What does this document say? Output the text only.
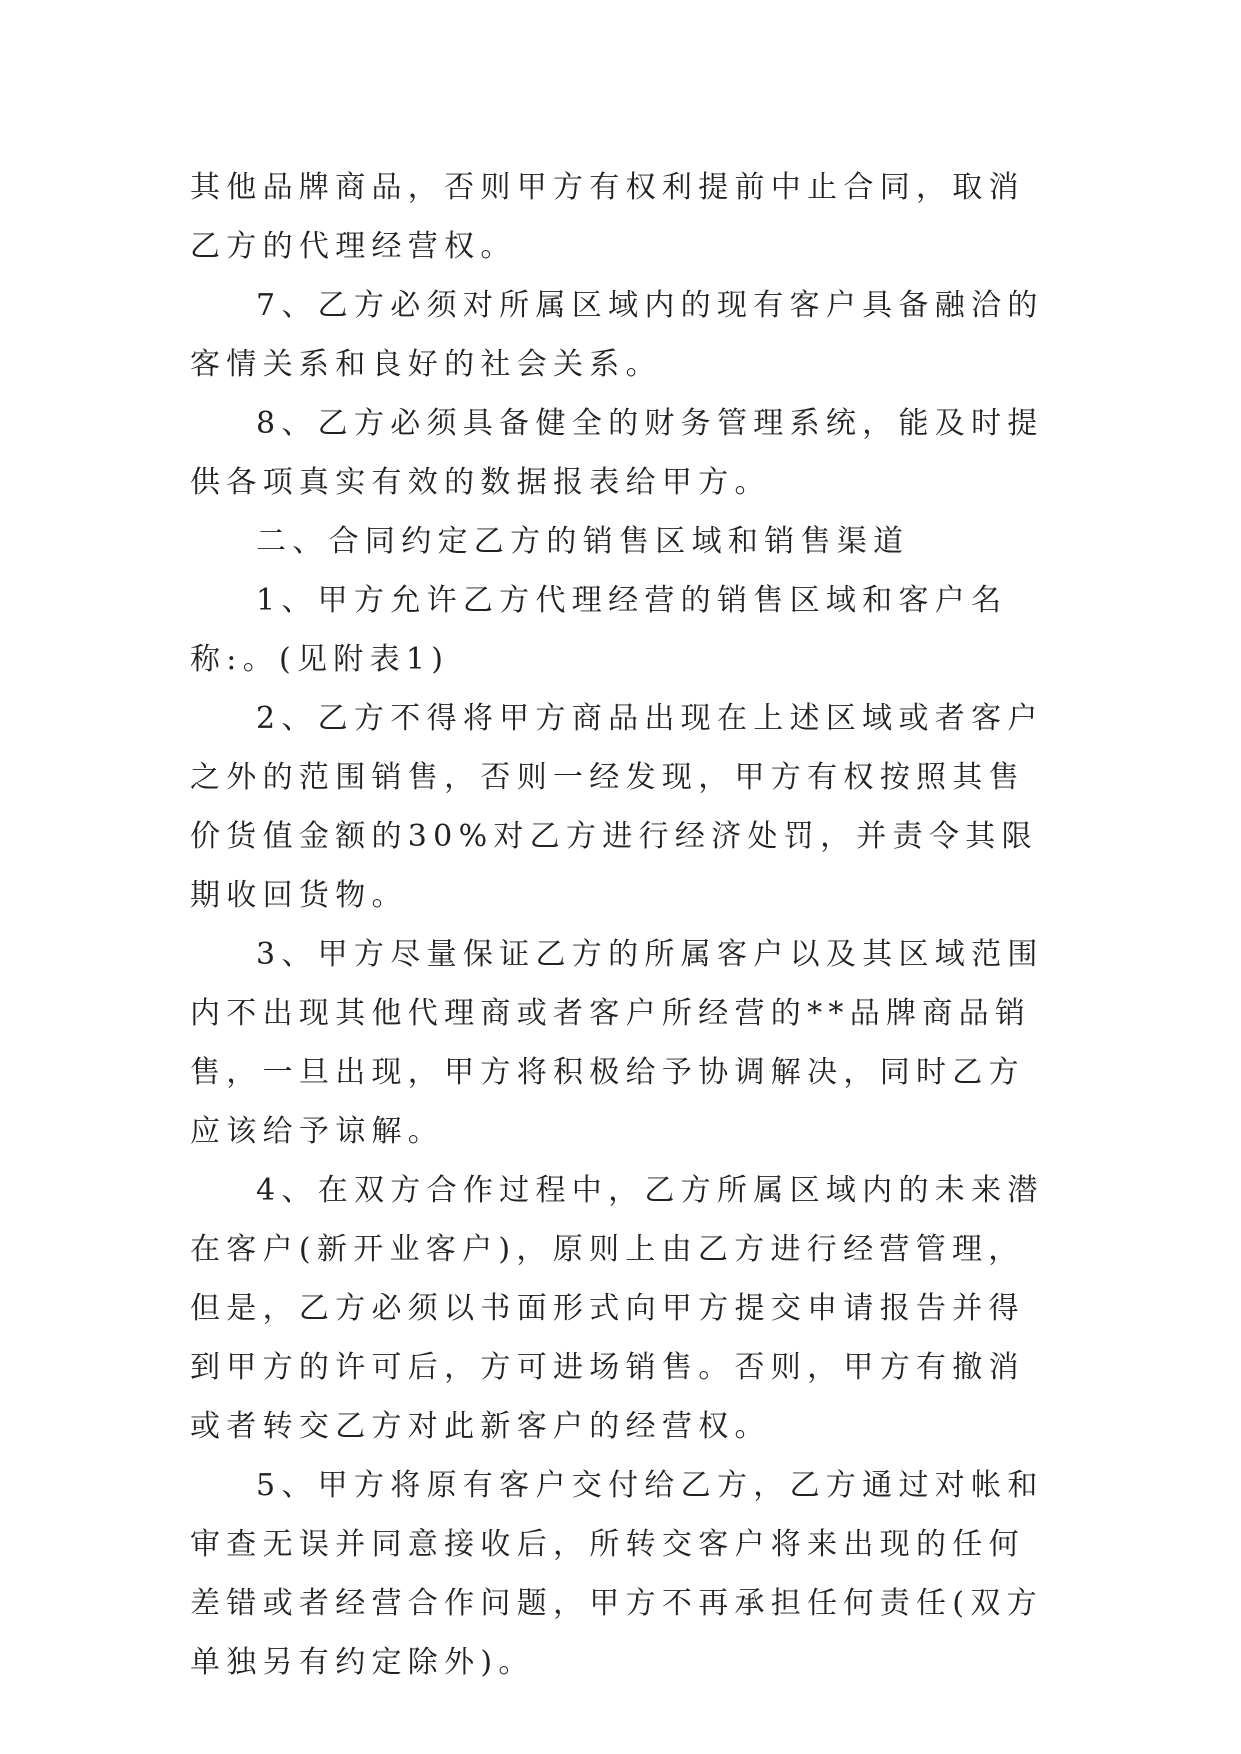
其他品牌商品，否则甲方有权利提前中止合同，取消乙方的代理经营权。

7、乙方必须对所属区域内的现有客户具备融洽的客情关系和良好的社会关系。

8、乙方必须具备健全的财务管理系统，能及时提供各项真实有效的数据报表给甲方。

二、合同约定乙方的销售区域和销售渠道

1、甲方允许乙方代理经营的销售区域和客户名称:。(见附表1)

2、乙方不得将甲方商品出现在上述区域或者客户之外的范围销售，否则一经发现，甲方有权按照其售价货值金额的30%对乙方进行经济处罚，并责令其限期收回货物。

3、甲方尽量保证乙方的所属客户以及其区域范围内不出现其他代理商或者客户所经营的**品牌商品销售，一旦出现，甲方将积极给予协调解决，同时乙方应该给予谅解。

4、在双方合作过程中，乙方所属区域内的未来潜在客户(新开业客户)，原则上由乙方进行经营管理，但是，乙方必须以书面形式向甲方提交申请报告并得到甲方的许可后，方可进场销售。否则，甲方有撤消或者转交乙方对此新客户的经营权。

5、甲方将原有客户交付给乙方，乙方通过对帐和审查无误并同意接收后，所转交客户将来出现的任何差错或者经营合作问题，甲方不再承担任何责任(双方单独另有约定除外)。
